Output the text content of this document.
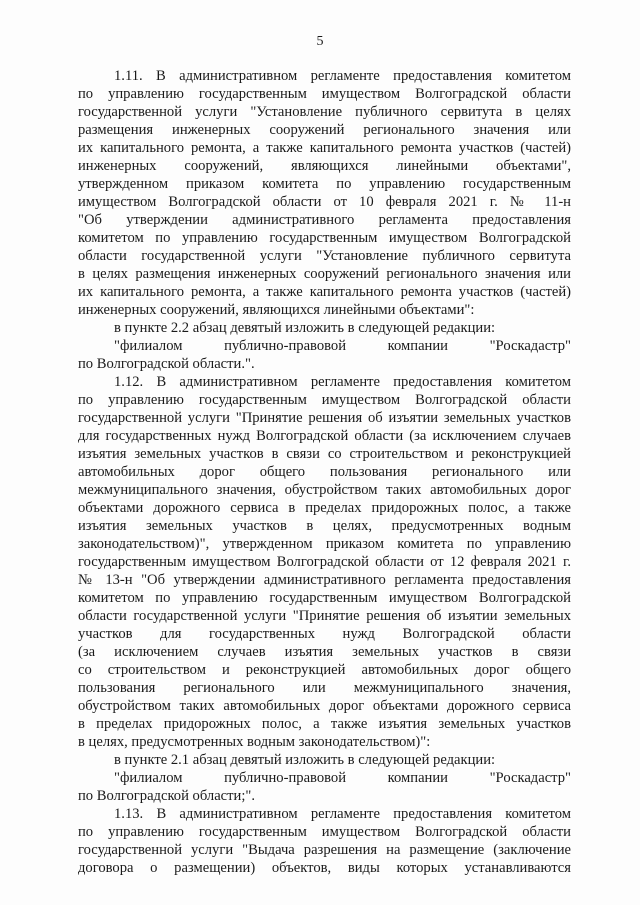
5
1.11. В административном регламенте предоставления комитетом
по управлению государственным имуществом Волгоградской области
государственной услуги "Установление публичного сервитута в целях
размещения инженерных сооружений регионального значения или
их капитального ремонта, а также капитального ремонта участков (частей)
инженерных сооружений, являющихся линейными объектами",
утвержденном приказом комитета по управлению государственным
имуществом Волгоградской области от 10 февраля 2021 г. № 11-н
"Об утверждении административного регламента предоставления
комитетом по управлению государственным имуществом Волгоградской
области государственной услуги "Установление публичного сервитута
в целях размещения инженерных сооружений регионального значения или
их капитального ремонта, а также капитального ремонта участков (частей)
инженерных сооружений, являющихся линейными объектами":
в пункте 2.2 абзац девятый изложить в следующей редакции:
"филиалом публично-правовой компании "Роскадастр"
по Волгоградской области.".
1.12. В административном регламенте предоставления комитетом
по управлению государственным имуществом Волгоградской области
государственной услуги "Принятие решения об изъятии земельных участков
для государственных нужд Волгоградской области (за исключением случаев
изъятия земельных участков в связи со строительством и реконструкцией
автомобильных дорог общего пользования регионального или
межмуниципального значения, обустройством таких автомобильных дорог
объектами дорожного сервиса в пределах придорожных полос, а также
изъятия земельных участков в целях, предусмотренных водным
законодательством)", утвержденном приказом комитета по управлению
государственным имуществом Волгоградской области от 12 февраля 2021 г.
№ 13-н "Об утверждении административного регламента предоставления
комитетом по управлению государственным имуществом Волгоградской
области государственной услуги "Принятие решения об изъятии земельных
участков для государственных нужд Волгоградской области
(за исключением случаев изъятия земельных участков в связи
со строительством и реконструкцией автомобильных дорог общего
пользования регионального или межмуниципального значения,
обустройством таких автомобильных дорог объектами дорожного сервиса
в пределах придорожных полос, а также изъятия земельных участков
в целях, предусмотренных водным законодательством)":
в пункте 2.1 абзац девятый изложить в следующей редакции:
"филиалом публично-правовой компании "Роскадастр"
по Волгоградской области;".
1.13. В административном регламенте предоставления комитетом
по управлению государственным имуществом Волгоградской области
государственной услуги "Выдача разрешения на размещение (заключение
договора о размещении) объектов, виды которых устанавливаются
